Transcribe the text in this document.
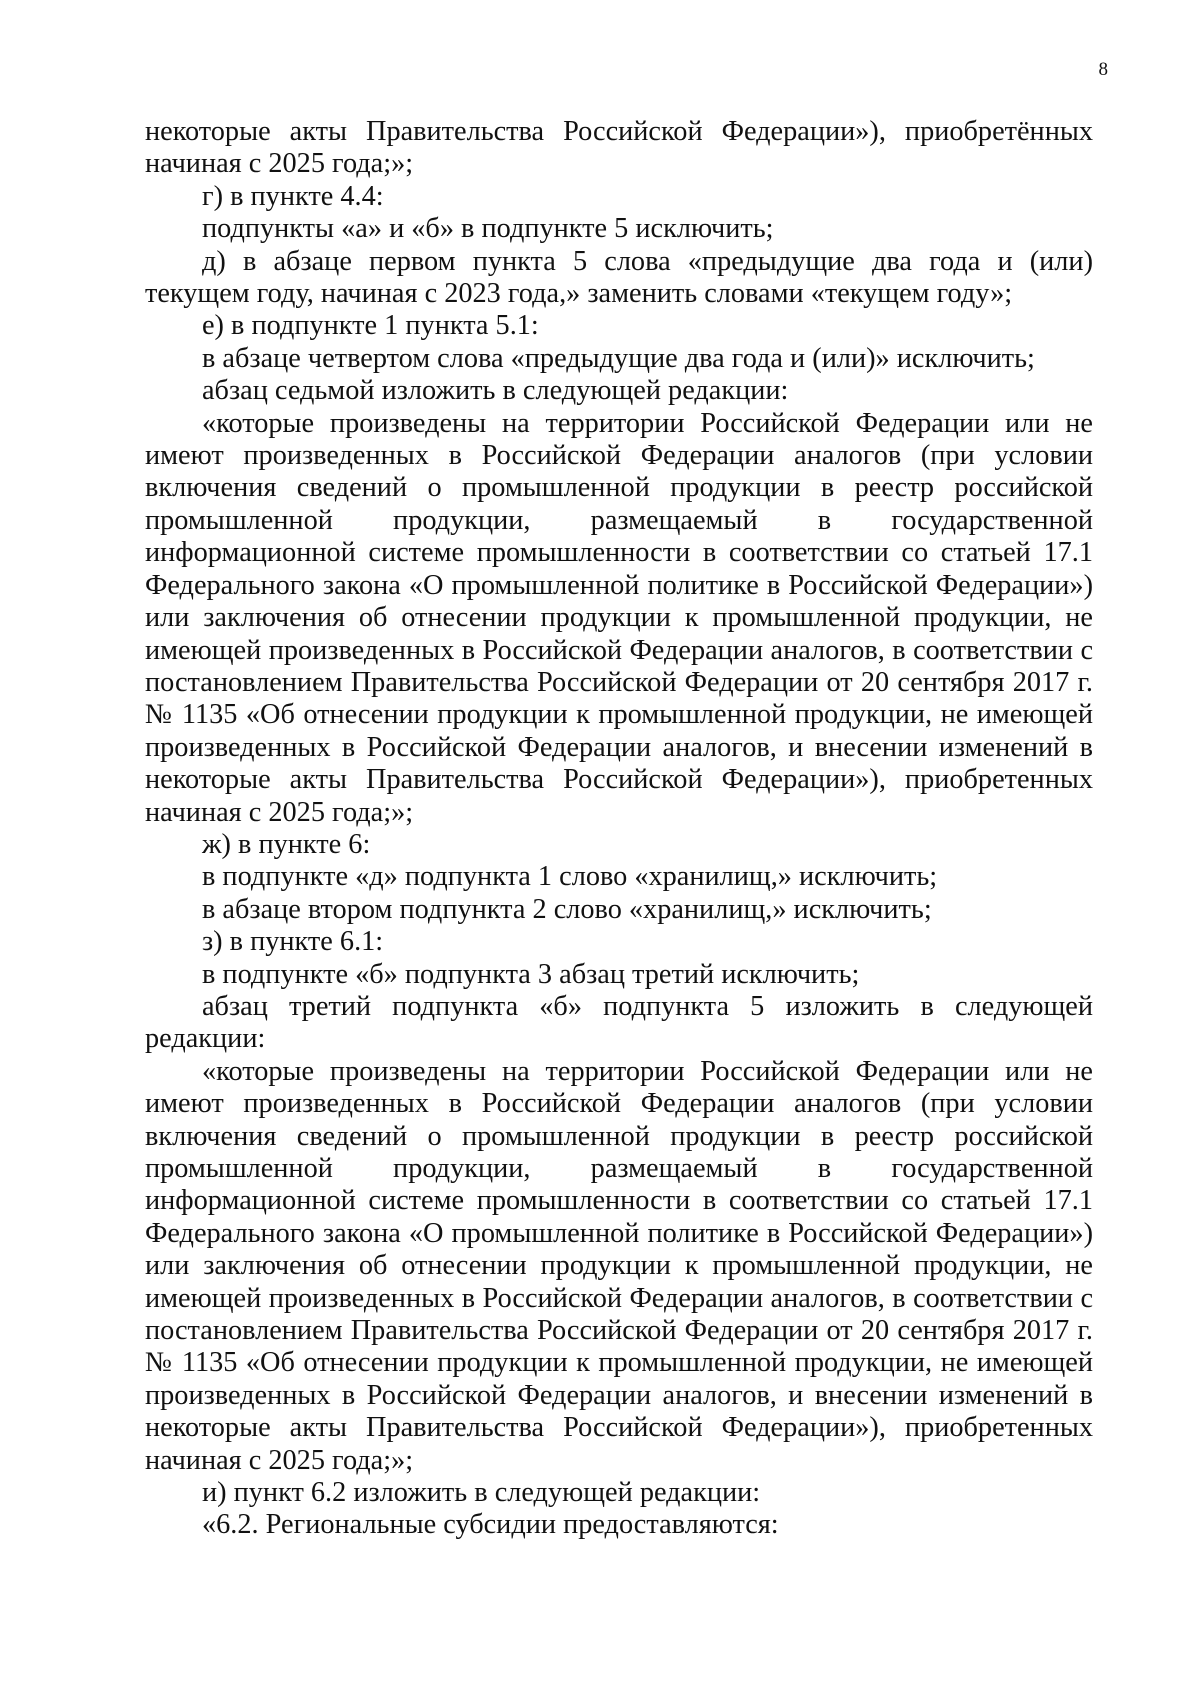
8

некоторые акты Правительства Российской Федерации»), приобретённых начиная с 2025 года;»;

г) в пункте 4.4:

подпункты «а» и «б» в подпункте 5 исключить;

д) в абзаце первом пункта 5 слова «предыдущие два года и (или) текущем году, начиная с 2023 года,» заменить словами «текущем году»;

е) в подпункте 1 пункта 5.1:

в абзаце четвертом слова «предыдущие два года и (или)» исключить;

абзац седьмой изложить в следующей редакции:

«которые произведены на территории Российской Федерации или не имеют произведенных в Российской Федерации аналогов (при условии включения сведений о промышленной продукции в реестр российской промышленной продукции, размещаемый в государственной информационной системе промышленности в соответствии со статьей 17.1 Федерального закона «О промышленной политике в Российской Федерации») или заключения об отнесении продукции к промышленной продукции, не имеющей произведенных в Российской Федерации аналогов, в соответствии с постановлением Правительства Российской Федерации от 20 сентября 2017 г. № 1135 «Об отнесении продукции к промышленной продукции, не имеющей произведенных в Российской Федерации аналогов, и внесении изменений в некоторые акты Правительства Российской Федерации»), приобретенных начиная с 2025 года;»;

ж) в пункте 6:

в подпункте «д» подпункта 1 слово «хранилищ,» исключить;

в абзаце втором подпункта 2 слово «хранилищ,» исключить;

з) в пункте 6.1:

в подпункте «б» подпункта 3 абзац третий исключить;

абзац третий подпункта «б» подпункта 5 изложить в следующей редакции:

«которые произведены на территории Российской Федерации или не имеют произведенных в Российской Федерации аналогов (при условии включения сведений о промышленной продукции в реестр российской промышленной продукции, размещаемый в государственной информационной системе промышленности в соответствии со статьей 17.1 Федерального закона «О промышленной политике в Российской Федерации») или заключения об отнесении продукции к промышленной продукции, не имеющей произведенных в Российской Федерации аналогов, в соответствии с постановлением Правительства Российской Федерации от 20 сентября 2017 г. № 1135 «Об отнесении продукции к промышленной продукции, не имеющей произведенных в Российской Федерации аналогов, и внесении изменений в некоторые акты Правительства Российской Федерации»), приобретенных начиная с 2025 года;»;

и) пункт 6.2 изложить в следующей редакции:

«6.2. Региональные субсидии предоставляются:
